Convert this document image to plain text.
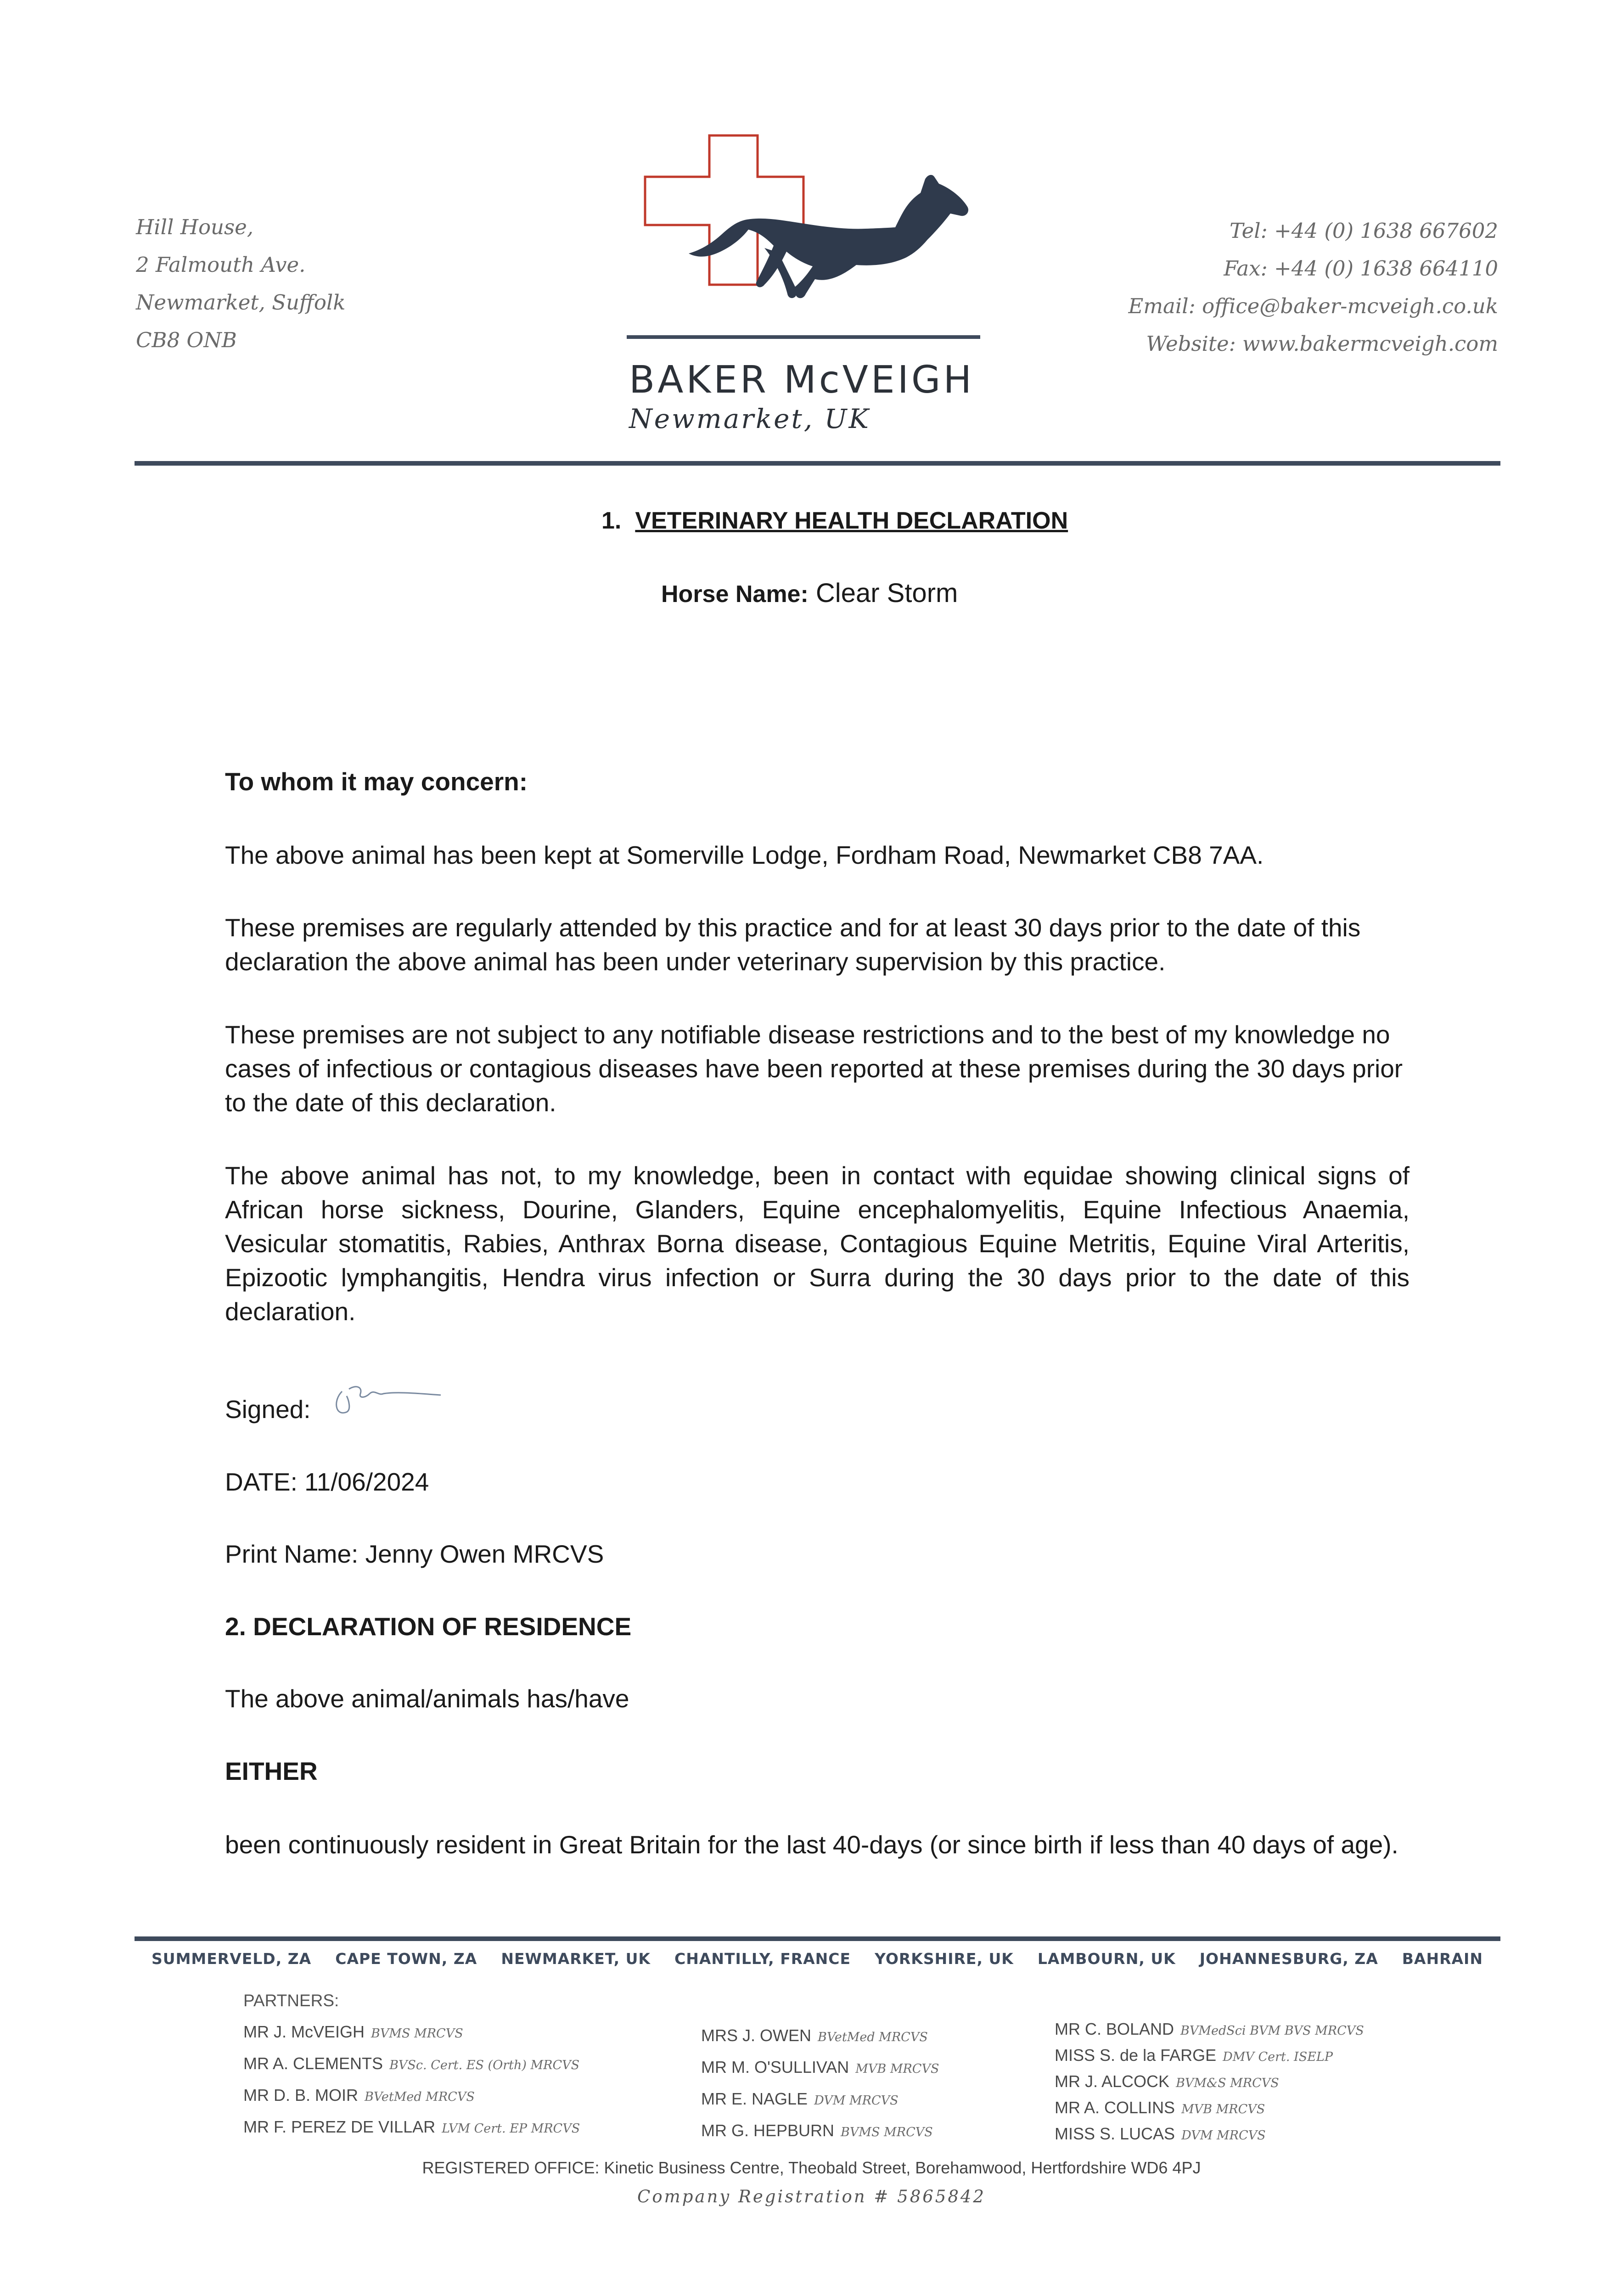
Hill House,
2 Falmouth Ave.
Newmarket, Suffolk
CB8 ONB
BAKER McVEIGH
Newmarket, UK
Tel: +44 (0) 1638 667602
Fax: +44 (0) 1638 664110
Email: office@baker-mcveigh.co.uk
Website: www.bakermcveigh.com
1. VETERINARY HEALTH DECLARATION
Horse Name: Clear Storm
To whom it may concern:
The above animal has been kept at Somerville Lodge, Fordham Road, Newmarket CB8 7AA.
These premises are regularly attended by this practice and for at least 30 days prior to the date of this declaration the above animal has been under veterinary supervision by this practice.
These premises are not subject to any notifiable disease restrictions and to the best of my knowledge no cases of infectious or contagious diseases have been reported at these premises during the 30 days prior to the date of this declaration.
The above animal has not, to my knowledge, been in contact with equidae showing clinical signs of African horse sickness, Dourine, Glanders, Equine encephalomyelitis, Equine Infectious Anaemia, Vesicular stomatitis, Rabies, Anthrax Borna disease, Contagious Equine Metritis, Equine Viral Arteritis, Epizootic lymphangitis, Hendra virus infection or Surra during the 30 days prior to the date of this declaration.
Signed:
DATE: 11/06/2024
Print Name: Jenny Owen MRCVS
2. DECLARATION OF RESIDENCE
The above animal/animals has/have
EITHER
been continuously resident in Great Britain for the last 40-days (or since birth if less than 40 days of age).
SUMMERVELD, ZA CAPE TOWN, ZA NEWMARKET, UK CHANTILLY, FRANCE YORKSHIRE, UK LAMBOURN, UK JOHANNESBURG, ZA BAHRAIN
PARTNERS:
MR J. McVEIGH BVMS MRCVS
MR A. CLEMENTS BVSc. Cert. ES (Orth) MRCVS
MR D. B. MOIR BVetMed MRCVS
MR F. PEREZ DE VILLAR LVM Cert. EP MRCVS
MRS J. OWEN BVetMed MRCVS
MR M. O'SULLIVAN MVB MRCVS
MR E. NAGLE DVM MRCVS
MR G. HEPBURN BVMS MRCVS
MR C. BOLAND BVMedSci BVM BVS MRCVS
MISS S. de la FARGE DMV Cert. ISELP
MR J. ALCOCK BVM&S MRCVS
MR A. COLLINS MVB MRCVS
MISS S. LUCAS DVM MRCVS
REGISTERED OFFICE: Kinetic Business Centre, Theobald Street, Borehamwood, Hertfordshire WD6 4PJ
Company Registration # 5865842
